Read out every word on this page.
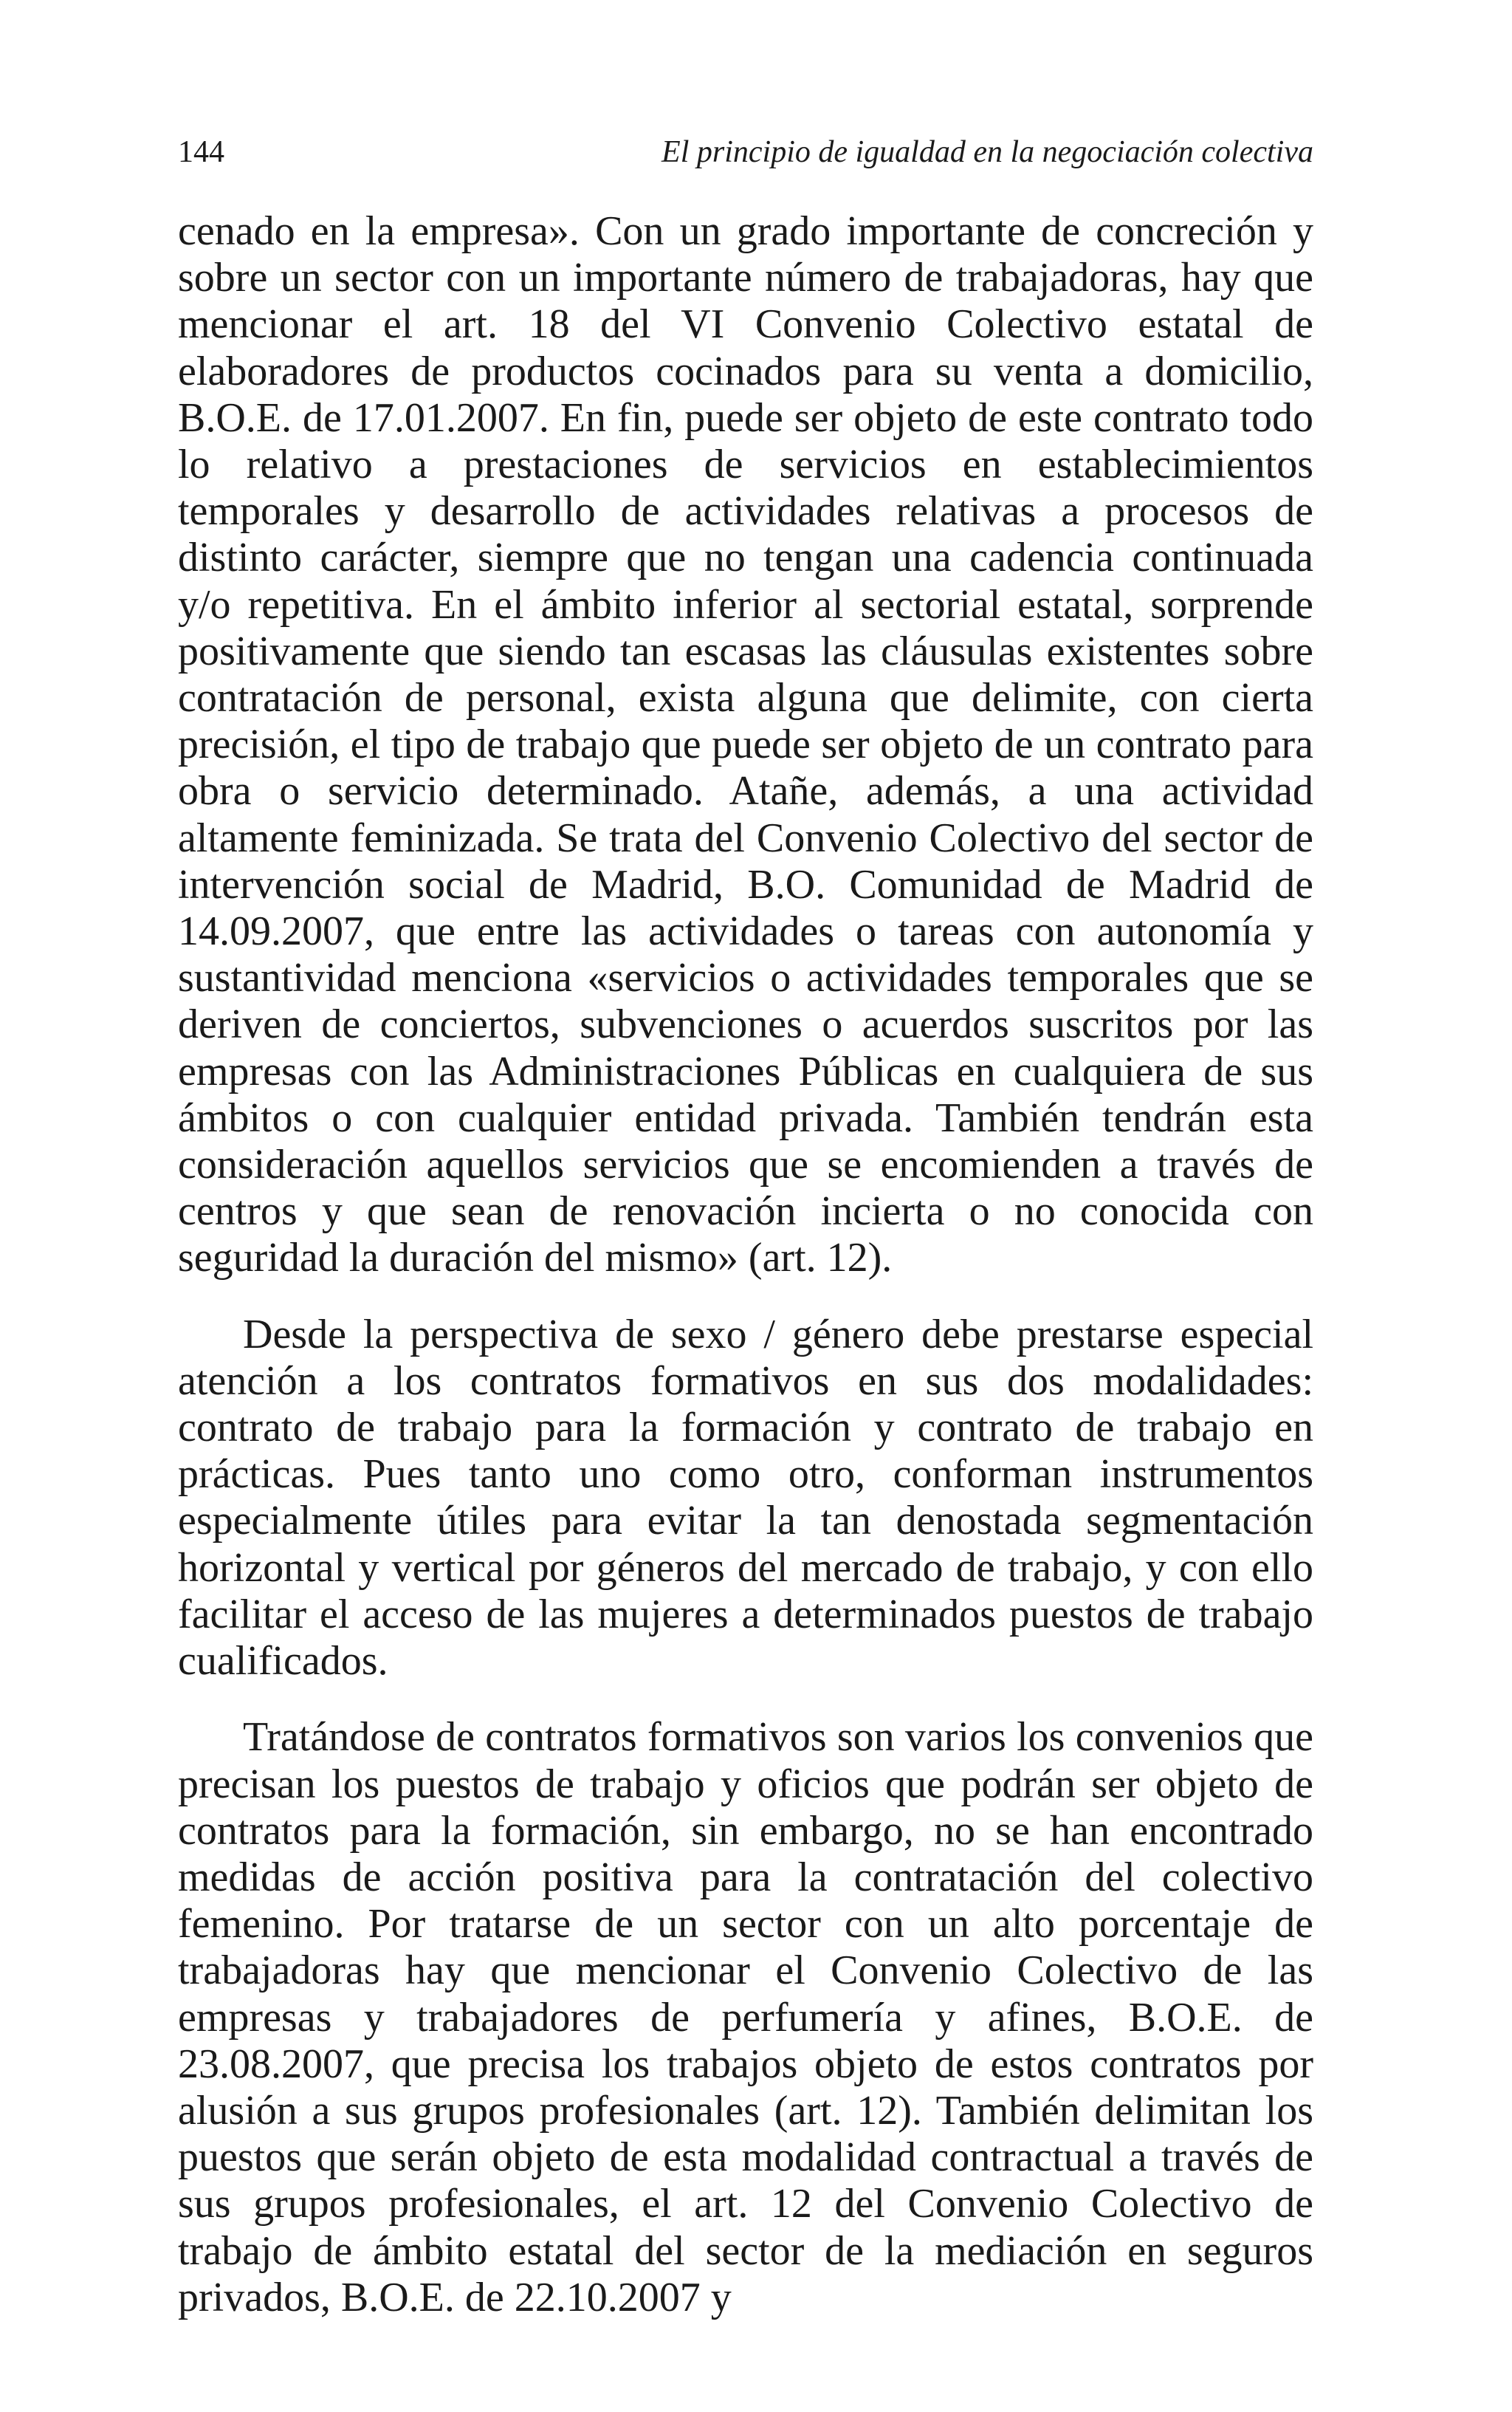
144	El principio de igualdad en la negociación colectiva

cenado en la empresa». Con un grado importante de concreción y sobre un sector con un importante número de trabajadoras, hay que mencionar el art. 18 del VI Convenio Colectivo estatal de elaboradores de productos cocinados para su venta a domicilio, B.O.E. de 17.01.2007. En fin, puede ser objeto de este contrato todo lo relativo a prestaciones de servicios en establecimientos temporales y desarrollo de actividades relativas a procesos de distinto carácter, siempre que no tengan una cadencia continuada y/o repetitiva. En el ámbito inferior al sectorial estatal, sorprende positivamente que siendo tan escasas las cláusulas existentes sobre contratación de personal, exista alguna que delimite, con cierta precisión, el tipo de trabajo que puede ser objeto de un contrato para obra o servicio determinado. Atañe, además, a una actividad altamente feminizada. Se trata del Convenio Colectivo del sector de intervención social de Madrid, B.O. Comunidad de Madrid de 14.09.2007, que entre las actividades o tareas con autonomía y sustantividad menciona «servicios o actividades temporales que se deriven de conciertos, subvenciones o acuerdos suscritos por las empresas con las Administraciones Públicas en cualquiera de sus ámbitos o con cualquier entidad privada. También tendrán esta consideración aquellos servicios que se encomienden a través de centros y que sean de renovación incierta o no conocida con seguridad la duración del mismo» (art. 12).

Desde la perspectiva de sexo / género debe prestarse especial atención a los contratos formativos en sus dos modalidades: contrato de trabajo para la formación y contrato de trabajo en prácticas. Pues tanto uno como otro, conforman instrumentos especialmente útiles para evitar la tan denostada segmentación horizontal y vertical por géneros del mercado de trabajo, y con ello facilitar el acceso de las mujeres a determinados puestos de trabajo cualificados.

Tratándose de contratos formativos son varios los convenios que precisan los puestos de trabajo y oficios que podrán ser objeto de contratos para la formación, sin embargo, no se han encontrado medidas de acción positiva para la contratación del colectivo femenino. Por tratarse de un sector con un alto porcentaje de trabajadoras hay que mencionar el Convenio Colectivo de las empresas y trabajadores de perfumería y afines, B.O.E. de 23.08.2007, que precisa los trabajos objeto de estos contratos por alusión a sus grupos profesionales (art. 12). También delimitan los puestos que serán objeto de esta modalidad contractual a través de sus grupos profesionales, el art. 12 del Convenio Colectivo de trabajo de ámbito estatal del sector de la mediación en seguros privados, B.O.E. de 22.10.2007 y
